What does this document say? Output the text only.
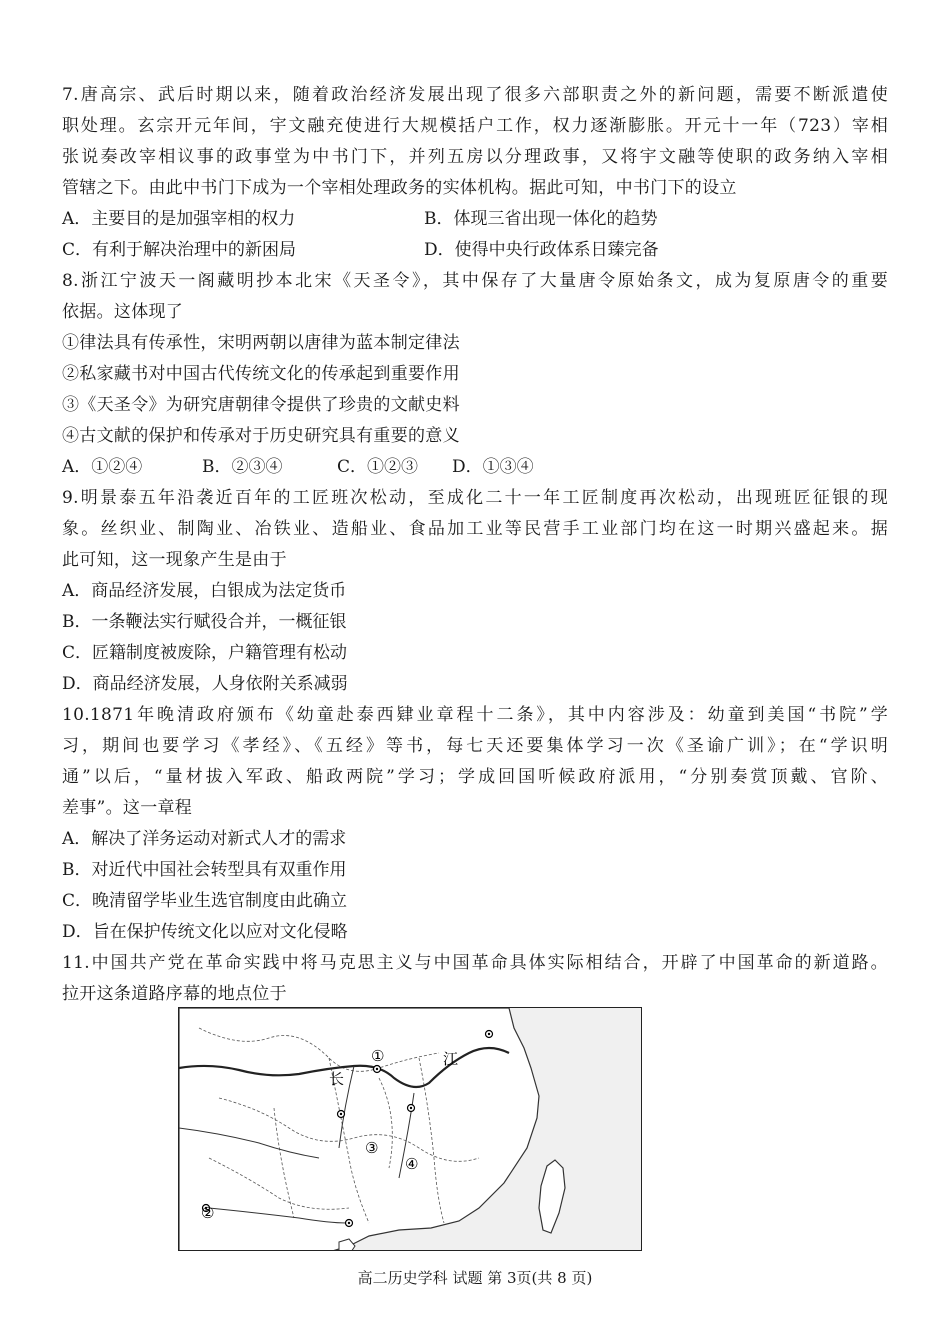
7.唐高宗、武后时期以来，随着政治经济发展出现了很多六部职责之外的新问题，需要不断派遣使
职处理。玄宗开元年间，宇文融充使进行大规模括户工作，权力逐渐膨胀。开元十一年（723）宰相
张说奏改宰相议事的政事堂为中书门下，并列五房以分理政事，又将宇文融等使职的政务纳入宰相
管辖之下。由此中书门下成为一个宰相处理政务的实体机构。据此可知，中书门下的设立
A．主要目的是加强宰相的权力	B．体现三省出现一体化的趋势
C．有利于解决治理中的新困局	D．使得中央行政体系日臻完备
8.浙江宁波天一阁藏明抄本北宋《天圣令》，其中保存了大量唐令原始条文，成为复原唐令的重要
依据。这体现了
①律法具有传承性，宋明两朝以唐律为蓝本制定律法
②私家藏书对中国古代传统文化的传承起到重要作用
③《天圣令》为研究唐朝律令提供了珍贵的文献史料
④古文献的保护和传承对于历史研究具有重要的意义
A．①②④	B．②③④	C．①②③ D．①③④
9.明景泰五年沿袭近百年的工匠班次松动，至成化二十一年工匠制度再次松动，出现班匠征银的现
象。丝织业、制陶业、冶铁业、造船业、食品加工业等民营手工业部门均在这一时期兴盛起来。据
此可知，这一现象产生是由于
A．商品经济发展，白银成为法定货币
B．一条鞭法实行赋役合并，一概征银
C．匠籍制度被废除，户籍管理有松动
D．商品经济发展，人身依附关系减弱
10.1871年晚清政府颁布《幼童赴泰西肄业章程十二条》，其中内容涉及：幼童到美国“书院”学
习，期间也要学习《孝经》、《五经》等书，每七天还要集体学习一次《圣谕广训》；在“学识明
通”以后，“量材拔入军政、船政两院”学习；学成回国听候政府派用，“分别奏赏顶戴、官阶、
差事”。这一章程
A．解决了洋务运动对新式人才的需求
B．对近代中国社会转型具有双重作用
C．晚清留学毕业生选官制度由此确立
D．旨在保护传统文化以应对文化侵略
11.中国共产党在革命实践中将马克思主义与中国革命具体实际相结合，开辟了中国革命的新道路。
拉开这条道路序幕的地点位于
①
②
③
④
江
长
高二历史学科 试题 第 3页(共 8 页)
